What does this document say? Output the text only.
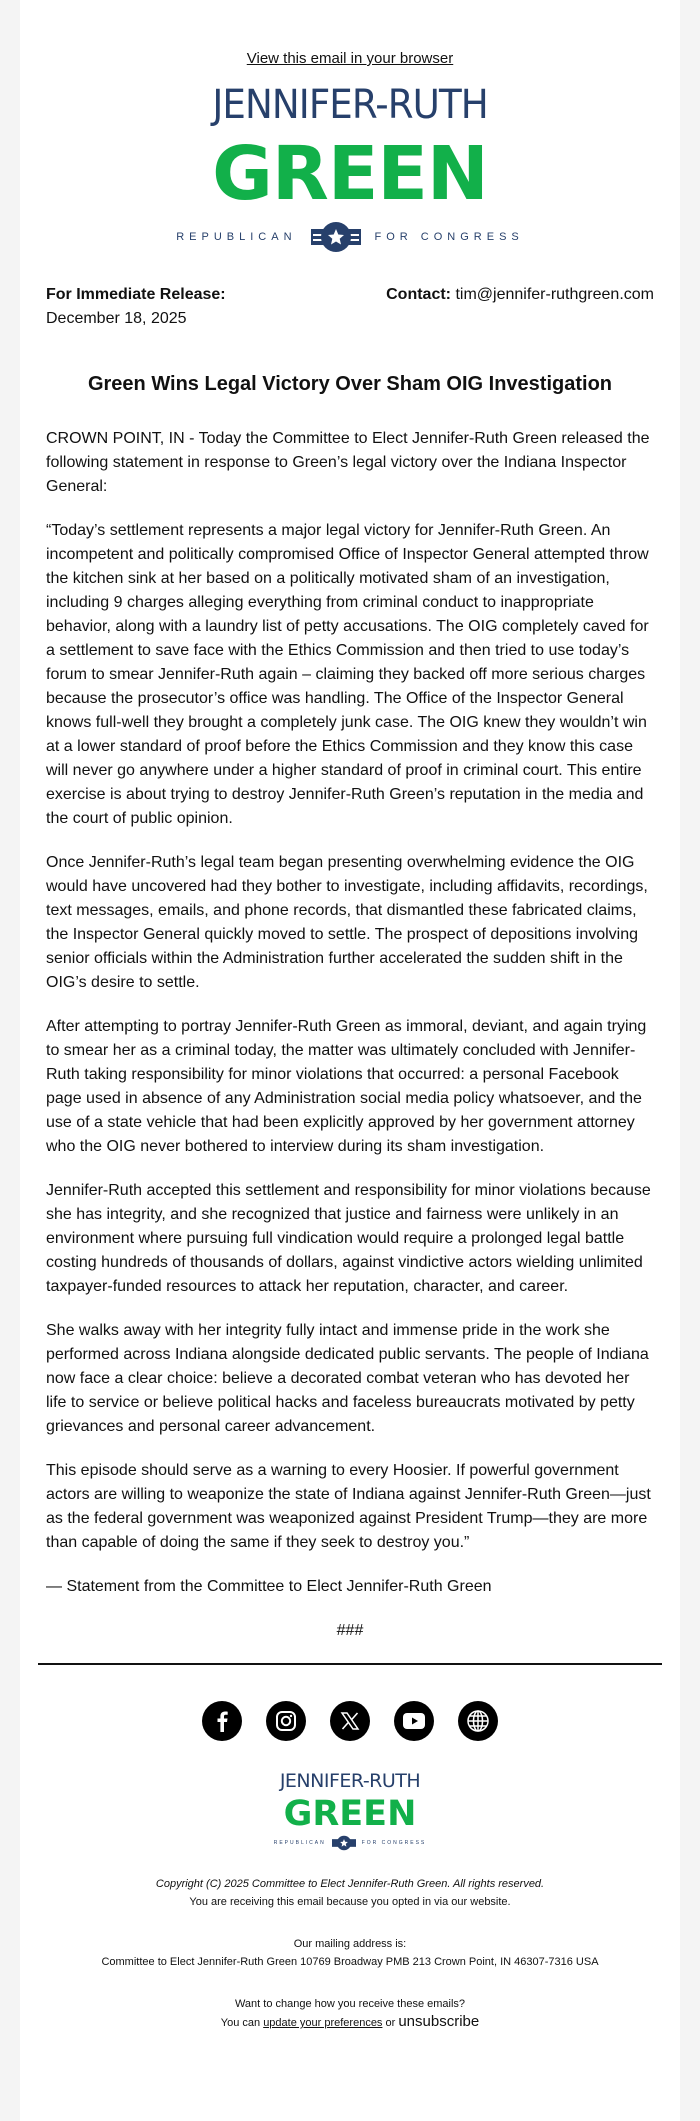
View this email in your browser
JENNIFER-RUTH
GREEN
REPUBLICAN	FOR CONGRESS
For Immediate Release:
December 18, 2025
Contact: tim@jennifer-ruthgreen.com
Green Wins Legal Victory Over Sham OIG Investigation

CROWN POINT, IN - Today the Committee to Elect Jennifer-Ruth Green released the following statement in response to Green’s legal victory over the Indiana Inspector General:

“Today’s settlement represents a major legal victory for Jennifer-Ruth Green. An incompetent and politically compromised Office of Inspector General attempted throw the kitchen sink at her based on a politically motivated sham of an investigation, including 9 charges alleging everything from criminal conduct to inappropriate behavior, along with a laundry list of petty accusations. The OIG completely caved for a settlement to save face with the Ethics Commission and then tried to use today’s forum to smear Jennifer-Ruth again – claiming they backed off more serious charges because the prosecutor’s office was handling. The Office of the Inspector General knows full-well they brought a completely junk case. The OIG knew they wouldn’t win at a lower standard of proof before the Ethics Commission and they know this case will never go anywhere under a higher standard of proof in criminal court. This entire exercise is about trying to destroy Jennifer-Ruth Green’s reputation in the media and the court of public opinion.

Once Jennifer-Ruth’s legal team began presenting overwhelming evidence the OIG would have uncovered had they bother to investigate, including affidavits, recordings, text messages, emails, and phone records, that dismantled these fabricated claims, the Inspector General quickly moved to settle. The prospect of depositions involving senior officials within the Administration further accelerated the sudden shift in the OIG’s desire to settle.

After attempting to portray Jennifer-Ruth Green as immoral, deviant, and again trying to smear her as a criminal today, the matter was ultimately concluded with Jennifer-Ruth taking responsibility for minor violations that occurred: a personal Facebook page used in absence of any Administration social media policy whatsoever, and the use of a state vehicle that had been explicitly approved by her government attorney who the OIG never bothered to interview during its sham investigation.

Jennifer-Ruth accepted this settlement and responsibility for minor violations because she has integrity, and she recognized that justice and fairness were unlikely in an environment where pursuing full vindication would require a prolonged legal battle costing hundreds of thousands of dollars, against vindictive actors wielding unlimited taxpayer-funded resources to attack her reputation, character, and career.

She walks away with her integrity fully intact and immense pride in the work she performed across Indiana alongside dedicated public servants. The people of Indiana now face a clear choice: believe a decorated combat veteran who has devoted her life to service or believe political hacks and faceless bureaucrats motivated by petty grievances and personal career advancement.

This episode should serve as a warning to every Hoosier. If powerful government actors are willing to weaponize the state of Indiana against Jennifer-Ruth Green—just as the federal government was weaponized against President Trump—they are more than capable of doing the same if they seek to destroy you.”

— Statement from the Committee to Elect Jennifer-Ruth Green

###

JENNIFER-RUTH
GREEN
REPUBLICAN	FOR CONGRESS
Copyright (C) 2025 Committee to Elect Jennifer-Ruth Green. All rights reserved.
You are receiving this email because you opted in via our website.
Our mailing address is:
Committee to Elect Jennifer-Ruth Green 10769 Broadway PMB 213 Crown Point, IN 46307-7316 USA
Want to change how you receive these emails?
You can update your preferences or unsubscribe
